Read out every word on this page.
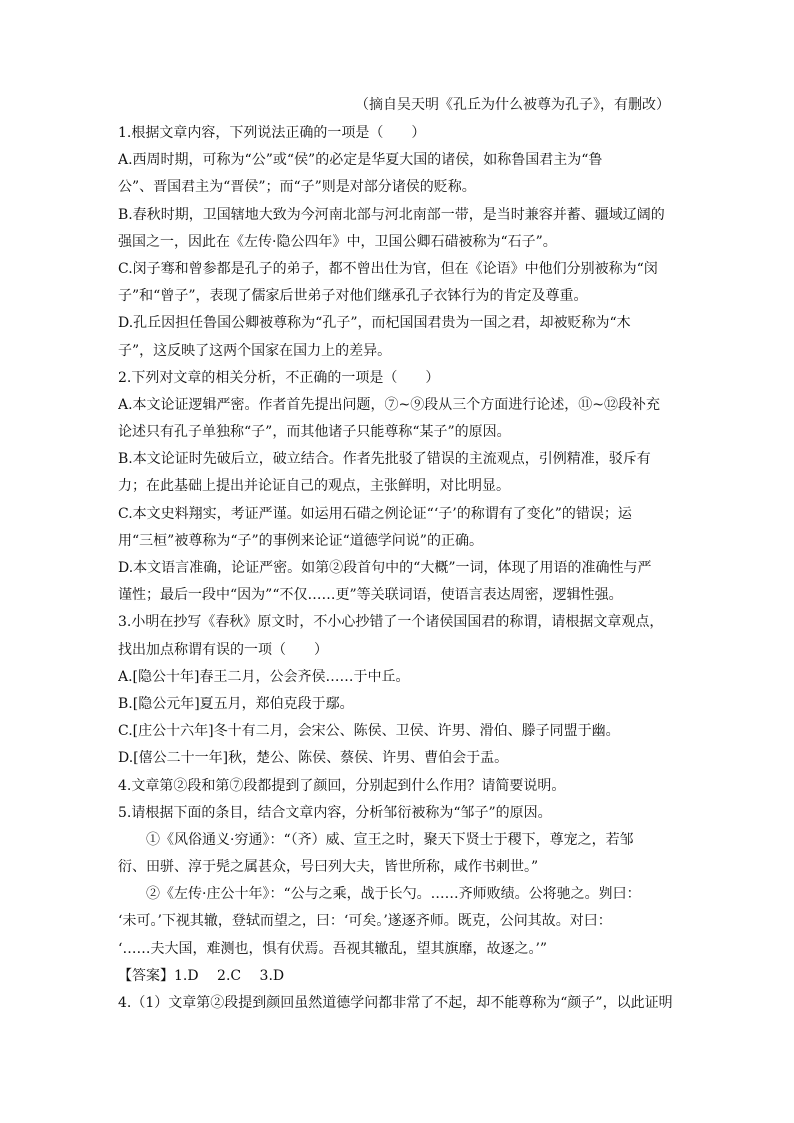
（摘自吴天明《孔丘为什么被尊为孔子》，有删改）
1.根据文章内容，下列说法正确的一项是（　　）
A.西周时期，可称为“公”或“侯”的必定是华夏大国的诸侯，如称鲁国君主为“鲁
公”、晋国君主为“晋侯”；而“子”则是对部分诸侯的贬称。
B.春秋时期，卫国辖地大致为今河南北部与河北南部一带，是当时兼容并蓄、疆域辽阔的
强国之一，因此在《左传·隐公四年》中，卫国公卿石碏被称为“石子”。
C.闵子骞和曾参都是孔子的弟子，都不曾出仕为官，但在《论语》中他们分别被称为“闵
子”和“曾子”，表现了儒家后世弟子对他们继承孔子衣钵行为的肯定及尊重。
D.孔丘因担任鲁国公卿被尊称为“孔子”，而杞国国君贵为一国之君，却被贬称为“木
子”，这反映了这两个国家在国力上的差异。
2.下列对文章的相关分析，不正确的一项是（　　）
A.本文论证逻辑严密。作者首先提出问题，⑦~⑨段从三个方面进行论述，⑪~⑫段补充
论述只有孔子单独称“子”，而其他诸子只能尊称“某子”的原因。
B.本文论证时先破后立，破立结合。作者先批驳了错误的主流观点，引例精准，驳斥有
力；在此基础上提出并论证自己的观点，主张鲜明，对比明显。
C.本文史料翔实，考证严谨。如运用石碏之例论证“‘子’的称谓有了变化”的错误；运
用“三桓”被尊称为“子”的事例来论证“道德学问说”的正确。
D.本文语言准确，论证严密。如第②段首句中的“大概”一词，体现了用语的准确性与严
谨性；最后一段中“因为”“不仅……更”等关联词语，使语言表达周密，逻辑性强。
3.小明在抄写《春秋》原文时，不小心抄错了一个诸侯国国君的称谓，请根据文章观点，
找出加点称谓有误的一项（　　）
A.[隐公十年]春王二月，公会齐侯……于中丘。
B.[隐公元年]夏五月，郑伯克段于鄢。
C.[庄公十六年]冬十有二月，会宋公、陈侯、卫侯、许男、滑伯、滕子同盟于幽。
D.[僖公二十一年]秋，楚公、陈侯、蔡侯、许男、曹伯会于盂。
4.文章第②段和第⑦段都提到了颜回，分别起到什么作用？请简要说明。
5.请根据下面的条目，结合文章内容，分析邹衍被称为“邹子”的原因。
①《风俗通义·穷通》：“（齐）威、宣王之时，聚天下贤士于稷下，尊宠之，若邹
衍、田骈、淳于髡之属甚众，号曰列大夫，皆世所称，咸作书刺世。”
②《左传·庄公十年》：“公与之乘，战于长勺。……齐师败绩。公将驰之。刿曰：
‘未可。’下视其辙，登轼而望之，曰：‘可矣。’遂逐齐师。既克，公问其故。对曰：
‘……夫大国，难测也，惧有伏焉。吾视其辙乱，望其旗靡，故逐之。’”
【答案】1.D　 2.C　 3.D
4.（1）文章第②段提到颜回虽然道德学问都非常了不起，却不能尊称为“颜子”，以此证明
